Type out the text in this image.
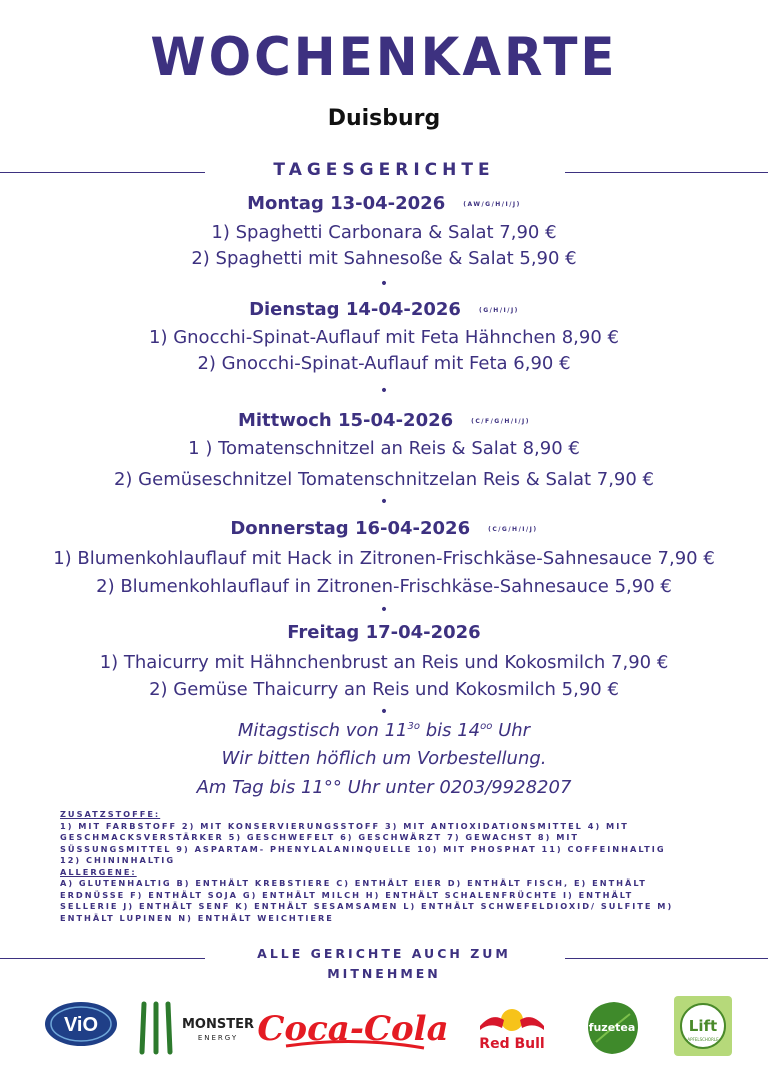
WOCHENKARTE
Duisburg
TAGESGERICHTE
Montag 13-04-2026	(AW/G/H/I/J)
1) Spaghetti Carbonara & Salat 7,90 €
2) Spaghetti mit Sahnesoße & Salat 5,90 €
•
Dienstag 14-04-2026	(G/H/I/J)
1) Gnocchi-Spinat-Auflauf mit Feta Hähnchen 8,90 €
2) Gnocchi-Spinat-Auflauf mit Feta 6,90 €
•
Mittwoch 15-04-2026	(C/F/G/H/I/J)
1 ) Tomatenschnitzel an Reis & Salat 8,90 €
2) Gemüseschnitzel Tomatenschnitzelan Reis & Salat 7,90 €
•
Donnerstag 16-04-2026	(C/G/H/I/J)
1) Blumenkohlauflauf mit Hack in Zitronen-Frischkäse-Sahnesauce 7,90 €
2) Blumenkohlauflauf in Zitronen-Frischkäse-Sahnesauce 5,90 €
•
Freitag 17-04-2026
1) Thaicurry mit Hähnchenbrust an Reis und Kokosmilch 7,90 €
2) Gemüse Thaicurry an Reis und Kokosmilch 5,90 €
•
Mitagstisch von $11^{3o}$ bis $14^{oo}$ Uhr
Wir bitten höflich um Vorbestellung.
Am Tag bis 11°° Uhr unter 0203/9928207
ZUSATZSTOFFE:
1) MIT FARBSTOFF 2) MIT KONSERVIERUNGSSTOFF 3) MIT ANTIOXIDATIONSMITTEL 4) MIT GESCHMACKSVERSTÄRKER 5) GESCHWEFELT 6) GESCHWÄRZT 7) GEWACHST 8) MIT SÜSSUNGSMITTEL 9) ASPARTAM- PHENYLALANINQUELLE 10) MIT PHOSPHAT 11) COFFEINHALTIG 12) CHININHALTIG
ALLERGENE:
A) GLUTENHALTIG B) ENTHÄLT KREBSTIERE C) ENTHÄLT EIER D) ENTHÄLT FISCH, E) ENTHÄLT ERDNÜSSE F) ENTHÄLT SOJA G) ENTHÄLT MILCH H) ENTHÄLT SCHALENFRÜCHTE I) ENTHÄLT SELLERIE J) ENTHÄLT SENF K) ENTHÄLT SESAMSAMEN L) ENTHÄLT SCHWEFELDIOXID/ SULFITE M) ENTHÄLT LUPINEN N) ENTHÄLT WEICHTIERE
ALLE GERICHTE AUCH ZUM
MITNEHMEN
ViO	MONSTER
ENERGY Coca-Cola Red Bull
fuzetea	Lift
APFELSCHORLE
